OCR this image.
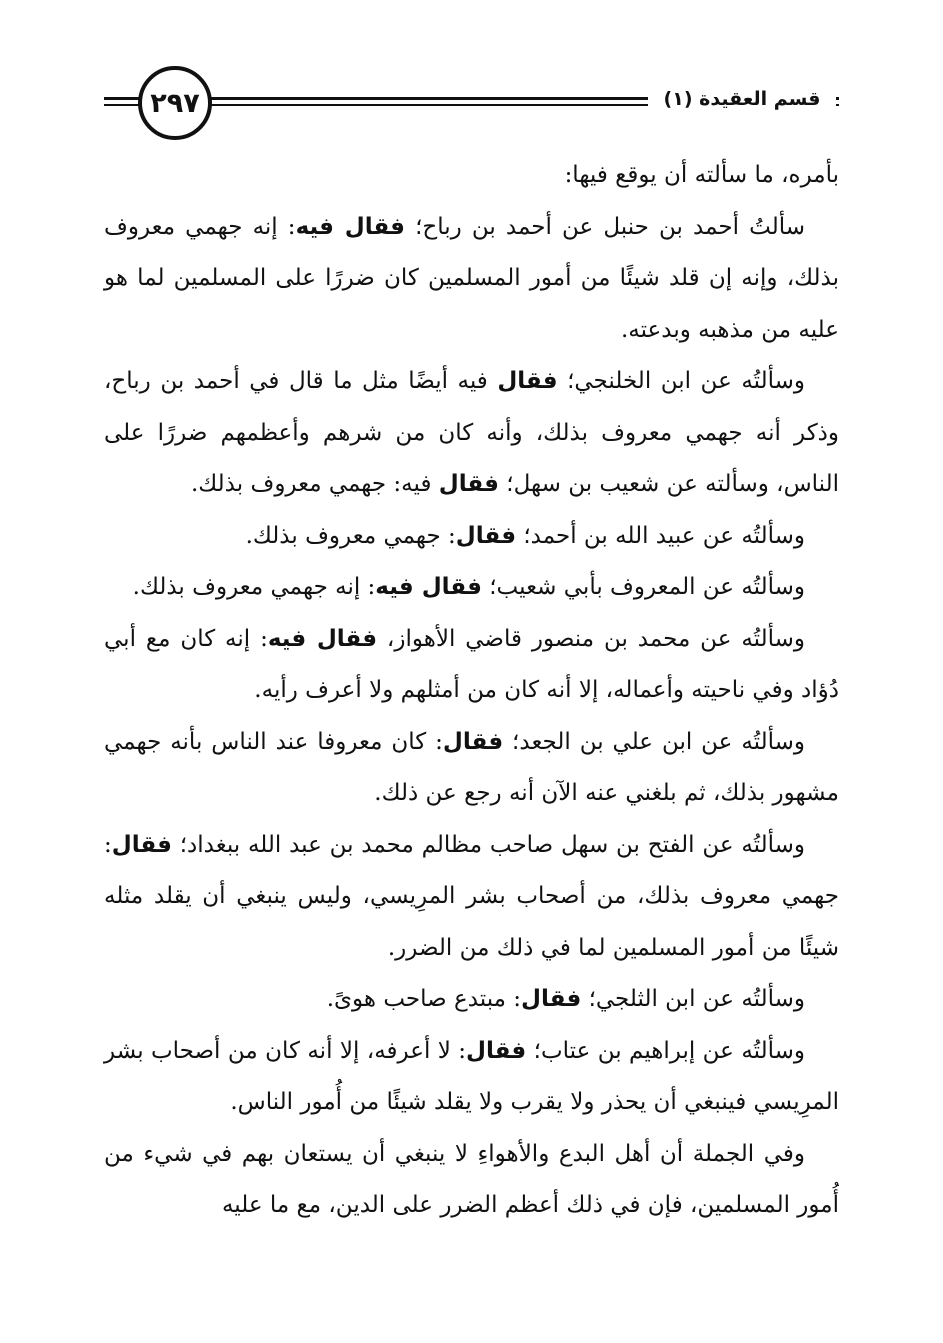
٢٩٧	قسم العقيدة (١)

بأمره، ما سألته أن يوقع فيها:

سألتُ أحمد بن حنبل عن أحمد بن رباح؛ فقال فيه: إنه جهمي معروف بذلك، وإنه إن قلد شيئًا من أمور المسلمين كان ضررًا على المسلمين لما هو عليه من مذهبه وبدعته.

وسألتُه عن ابن الخلنجي؛ فقال فيه أيضًا مثل ما قال في أحمد بن رباح، وذكر أنه جهمي معروف بذلك، وأنه كان من شرهم وأعظمهم ضررًا على الناس، وسألته عن شعيب بن سهل؛ فقال فيه: جهمي معروف بذلك.

وسألتُه عن عبيد الله بن أحمد؛ فقال: جهمي معروف بذلك.

وسألتُه عن المعروف بأبي شعيب؛ فقال فيه: إنه جهمي معروف بذلك.

وسألتُه عن محمد بن منصور قاضي الأهواز، فقال فيه: إنه كان مع أبي دُؤاد وفي ناحيته وأعماله، إلا أنه كان من أمثلهم ولا أعرف رأيه.

وسألتُه عن ابن علي بن الجعد؛ فقال: كان معروفا عند الناس بأنه جهمي مشهور بذلك، ثم بلغني عنه الآن أنه رجع عن ذلك.

وسألتُه عن الفتح بن سهل صاحب مظالم محمد بن عبد الله ببغداد؛ فقال: جهمي معروف بذلك، من أصحاب بشر المرِيسي، وليس ينبغي أن يقلد مثله شيئًا من أمور المسلمين لما في ذلك من الضرر.

وسألتُه عن ابن الثلجي؛ فقال: مبتدع صاحب هوىً.

وسألتُه عن إبراهيم بن عتاب؛ فقال: لا أعرفه، إلا أنه كان من أصحاب بشر المرِيسي فينبغي أن يحذر ولا يقرب ولا يقلد شيئًا من أُمور الناس.

وفي الجملة أن أهل البدع والأهواءِ لا ينبغي أن يستعان بهم في شيء من أُمور المسلمين، فإن في ذلك أعظم الضرر على الدين، مع ما عليه
